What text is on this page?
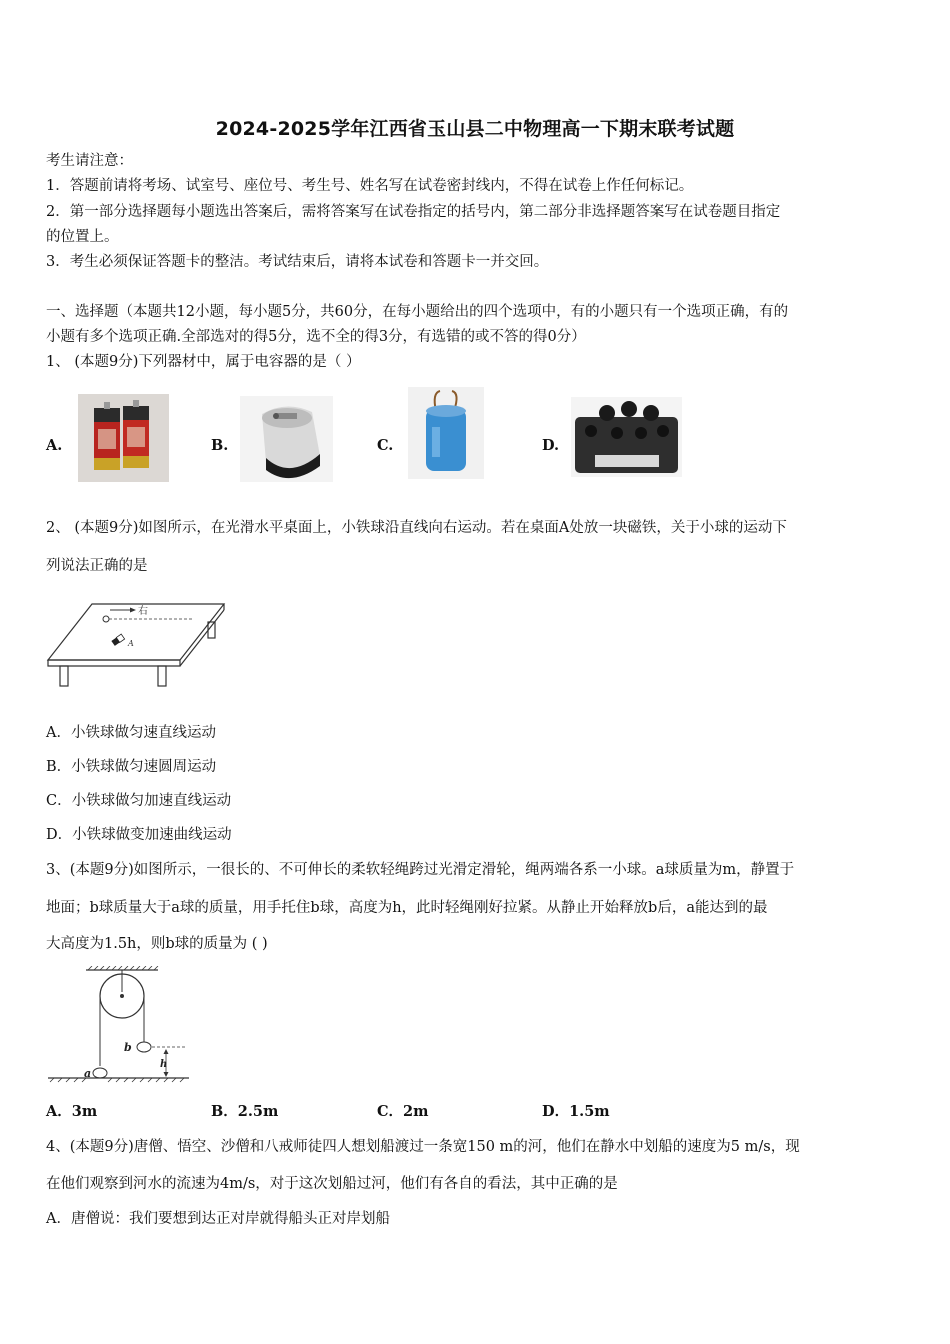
2024-2025学年江西省玉山县二中物理高一下期末联考试题
考生请注意：
1．答题前请将考场、试室号、座位号、考生号、姓名写在试卷密封线内，不得在试卷上作任何标记。
2．第一部分选择题每小题选出答案后，需将答案写在试卷指定的括号内，第二部分非选择题答案写在试卷题目指定
的位置上。
3．考生必须保证答题卡的整洁。考试结束后，请将本试卷和答题卡一并交回。
一、选择题（本题共12小题，每小题5分，共60分，在每小题给出的四个选项中，有的小题只有一个选项正确，有的
小题有多个选项正确.全部选对的得5分，选不全的得3分，有选错的或不答的得0分）
1、 (本题9分)下列器材中，属于电容器的是（ ）
A.	B.	C.	D.
2、 (本题9分)如图所示，在光滑水平桌面上，小铁球沿直线向右运动。若在桌面A处放一块磁铁，关于小球的运动下
列说法正确的是
右
A
A．小铁球做匀速直线运动
B．小铁球做匀速圆周运动
C．小铁球做匀加速直线运动
D．小铁球做变加速曲线运动
3、(本题9分)如图所示，一很长的、不可伸长的柔软轻绳跨过光滑定滑轮，绳两端各系一小球。a球质量为m，静置于
地面；b球质量大于a球的质量，用手托住b球，高度为h，此时轻绳刚好拉紧。从静止开始释放b后，a能达到的最
大高度为1.5h，则b球的质量为 ( )
b
a
h
A．3m	B．2.5m	C．2m	D．1.5m
4、(本题9分)唐僧、悟空、沙僧和八戒师徒四人想划船渡过一条宽150 m的河，他们在静水中划船的速度为5 m/s，现
在他们观察到河水的流速为4m/s，对于这次划船过河，他们有各自的看法，其中正确的是
A．唐僧说：我们要想到达正对岸就得船头正对岸划船
